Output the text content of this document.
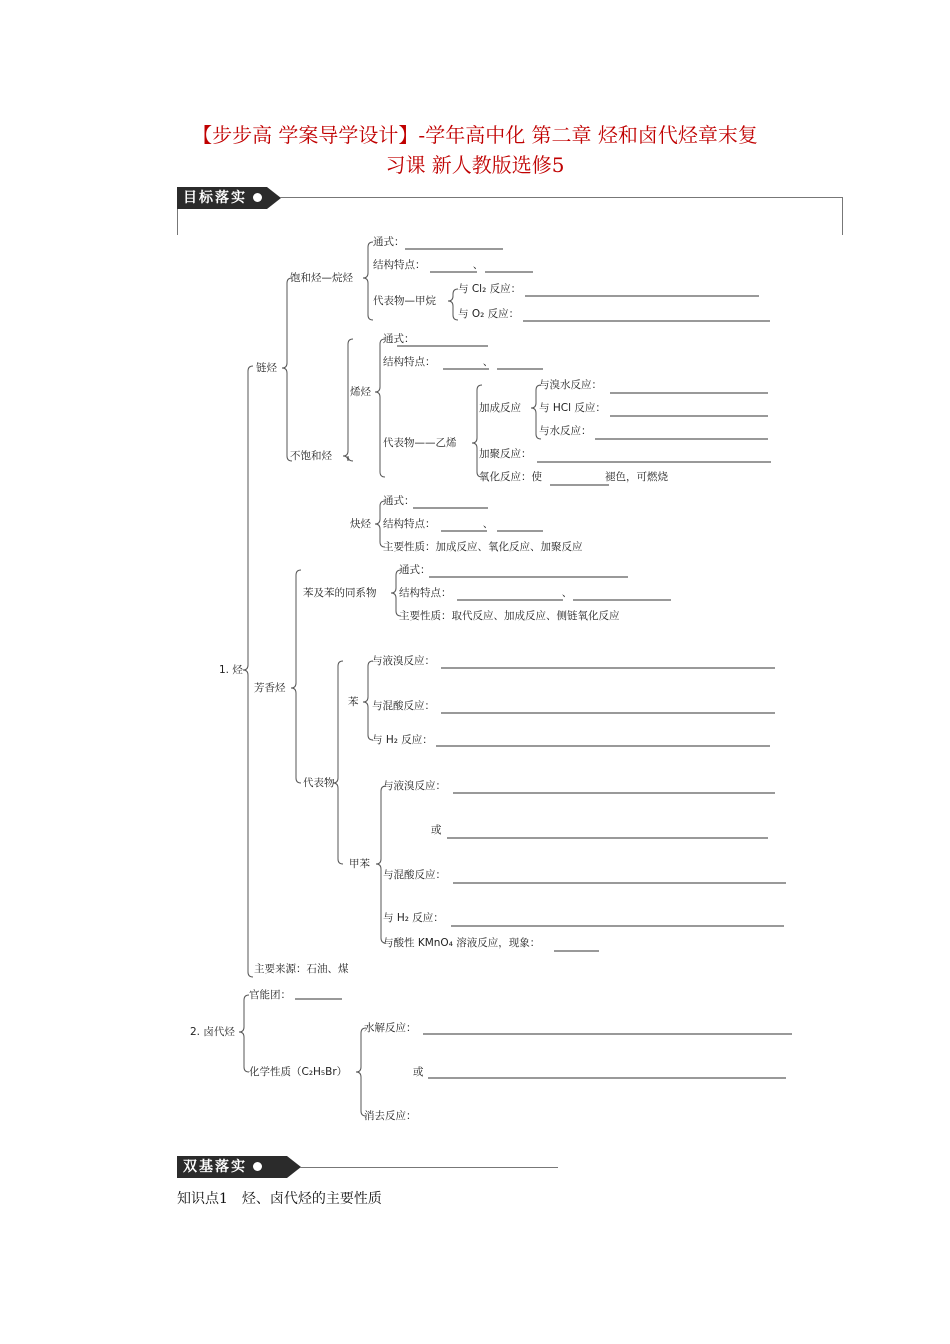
【步步高 学案导学设计】-学年高中化 第二章 烃和卤代烃章末复
习课 新人教版选修5
目标落实
1. 烃
链烃
饱和烃—烷烃
通式：
结构特点：　　　　　、
代表物—甲烷
与 Cl₂ 反应：
与 O₂ 反应：
不饱和烃
烯烃
通式：
结构特点：　　　　　、
代表物——乙烯
加成反应
与溴水反应：
与 HCl 反应：
与水反应：
加聚反应：
氧化反应：使　　　　　　褪色，可燃烧
炔烃
通式：
结构特点：　　　　　、
主要性质：加成反应、氧化反应、加聚反应
芳香烃
苯及苯的同系物
通式：
结构特点：　　　　　　　　　　　、
主要性质：取代反应、加成反应、侧链氧化反应
代表物
苯
与液溴反应：
与混酸反应：
与 H₂ 反应：
甲苯
与液溴反应：
或
与混酸反应：
与 H₂ 反应：
与酸性 KMnO₄ 溶液反应，现象：
主要来源：石油、煤
2. 卤代烃
官能团：
化学性质（C₂H₅Br）
水解反应：
或
消去反应：
双基落实
知识点1　烃、卤代烃的主要性质
